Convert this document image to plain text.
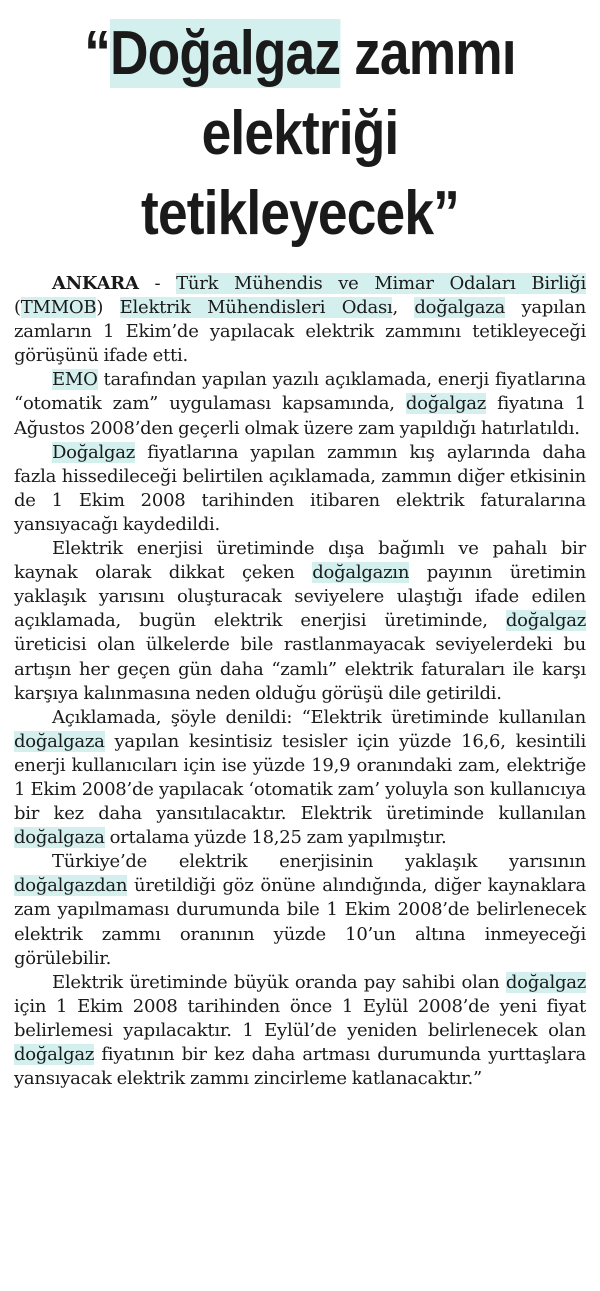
“Doğalgaz zammı elektriği tetikleyecek”

ANKARA - Türk Mühendis ve Mimar Odaları Birliği (TMMOB) Elektrik Mühendisleri Odası, doğalgaza yapılan zamların 1 Ekim’de yapılacak elektrik zammını tetikleyeceği görüşünü ifade etti.

EMO tarafından yapılan yazılı açıklamada, enerji fiyatlarına “otomatik zam” uygulaması kapsamında, doğalgaz fiyatına 1 Ağustos 2008’den geçerli olmak üzere zam yapıldığı hatırlatıldı.

Doğalgaz fiyatlarına yapılan zammın kış aylarında daha fazla hissedileceği belirtilen açıklamada, zammın diğer etkisinin de 1 Ekim 2008 tarihinden itibaren elektrik faturalarına yansıyacağı kaydedildi.

Elektrik enerjisi üretiminde dışa bağımlı ve pahalı bir kaynak olarak dikkat çeken doğalgazın payının üretimin yaklaşık yarısını oluşturacak seviyelere ulaştığı ifade edilen açıklamada, bugün elektrik enerjisi üretiminde, doğalgaz üreticisi olan ülkelerde bile rastlanmayacak seviyelerdeki bu artışın her geçen gün daha “zamlı” elektrik faturaları ile karşı karşıya kalınmasına neden olduğu görüşü dile getirildi.

Açıklamada, şöyle denildi: “Elektrik üretiminde kullanılan doğalgaza yapılan kesintisiz tesisler için yüzde 16,6, kesintili enerji kullanıcıları için ise yüzde 19,9 oranındaki zam, elektriğe 1 Ekim 2008’de yapılacak ‘otomatik zam’ yoluyla son kullanıcıya bir kez daha yansıtılacaktır. Elektrik üretiminde kullanılan doğalgaza ortalama yüzde 18,25 zam yapılmıştır.

Türkiye’de elektrik enerjisinin yaklaşık yarısının doğalgazdan üretildiği göz önüne alındığında, diğer kaynaklara zam yapılmaması durumunda bile 1 Ekim 2008’de belirlenecek elektrik zammı oranının yüzde 10’un altına inmeyeceği görülebilir.

Elektrik üretiminde büyük oranda pay sahibi olan doğalgaz için 1 Ekim 2008 tarihinden önce 1 Eylül 2008’de yeni fiyat belirlemesi yapılacaktır. 1 Eylül’de yeniden belirlenecek olan doğalgaz fiyatının bir kez daha artması durumunda yurttaşlara yansıyacak elektrik zammı zincirleme katlanacaktır.”
